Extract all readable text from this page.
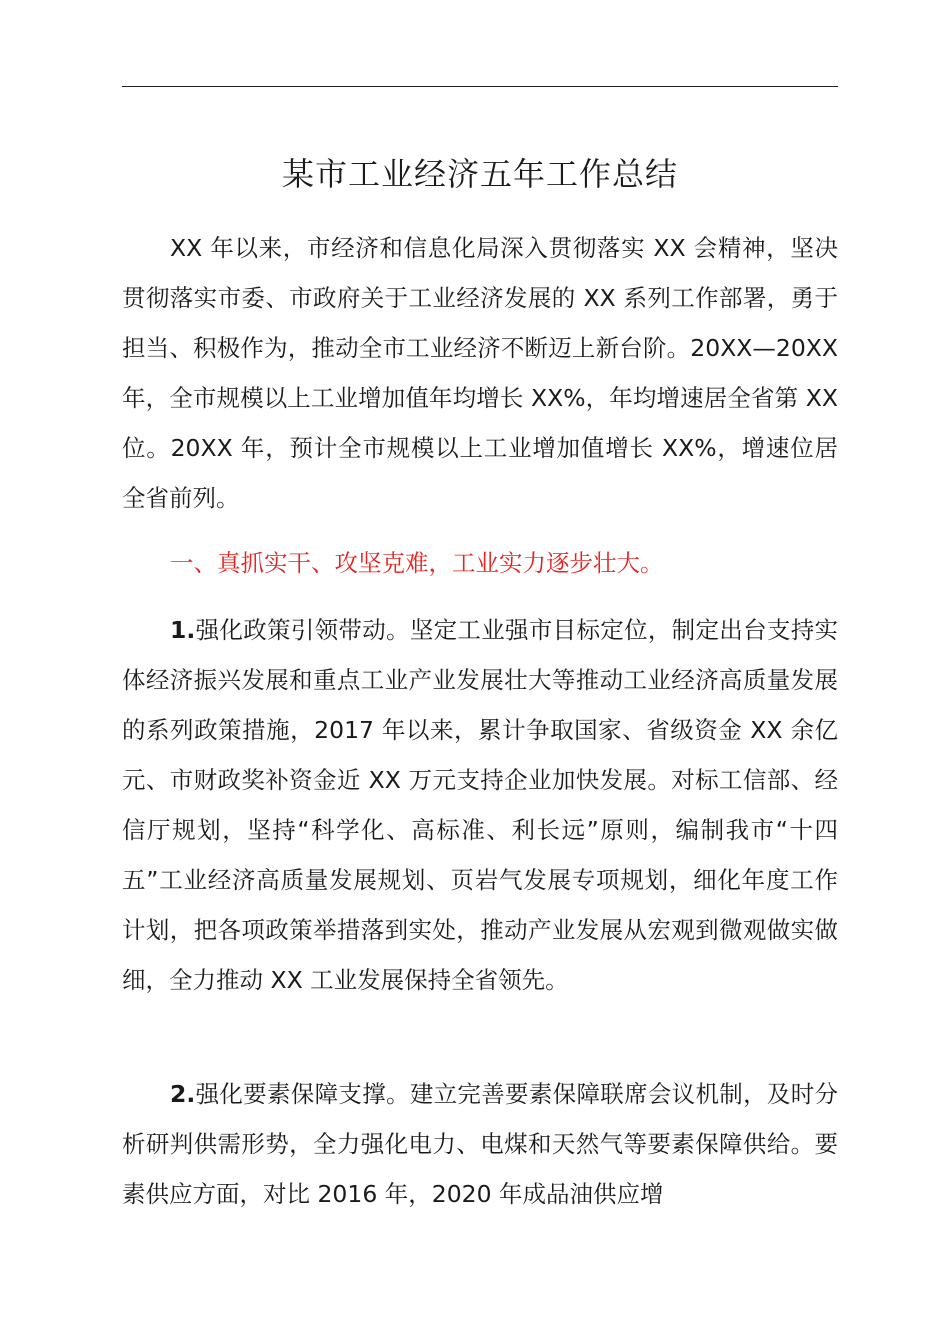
某市工业经济五年工作总结
XX 年以来，市经济和信息化局深入贯彻落实 XX 会精神，坚决贯彻落实市委、市政府关于工业经济发展的 XX 系列工作部署，勇于担当、积极作为，推动全市工业经济不断迈上新台阶。20XX—20XX 年，全市规模以上工业增加值年均增长 XX%，年均增速居全省第 XX 位。20XX 年，预计全市规模以上工业增加值增长 XX%，增速位居全省前列。
一、真抓实干、攻坚克难，工业实力逐步壮大。
1.强化政策引领带动。坚定工业强市目标定位，制定出台支持实体经济振兴发展和重点工业产业发展壮大等推动工业经济高质量发展的系列政策措施，2017 年以来，累计争取国家、省级资金 XX 余亿元、市财政奖补资金近 XX 万元支持企业加快发展。对标工信部、经信厅规划，坚持“科学化、高标准、利长远”原则，编制我市“十四五”工业经济高质量发展规划、页岩气发展专项规划，细化年度工作计划，把各项政策举措落到实处，推动产业发展从宏观到微观做实做细，全力推动 XX 工业发展保持全省领先。
2.强化要素保障支撑。建立完善要素保障联席会议机制，及时分析研判供需形势，全力强化电力、电煤和天然气等要素保障供给。要素供应方面，对比 2016 年，2020 年成品油供应增
